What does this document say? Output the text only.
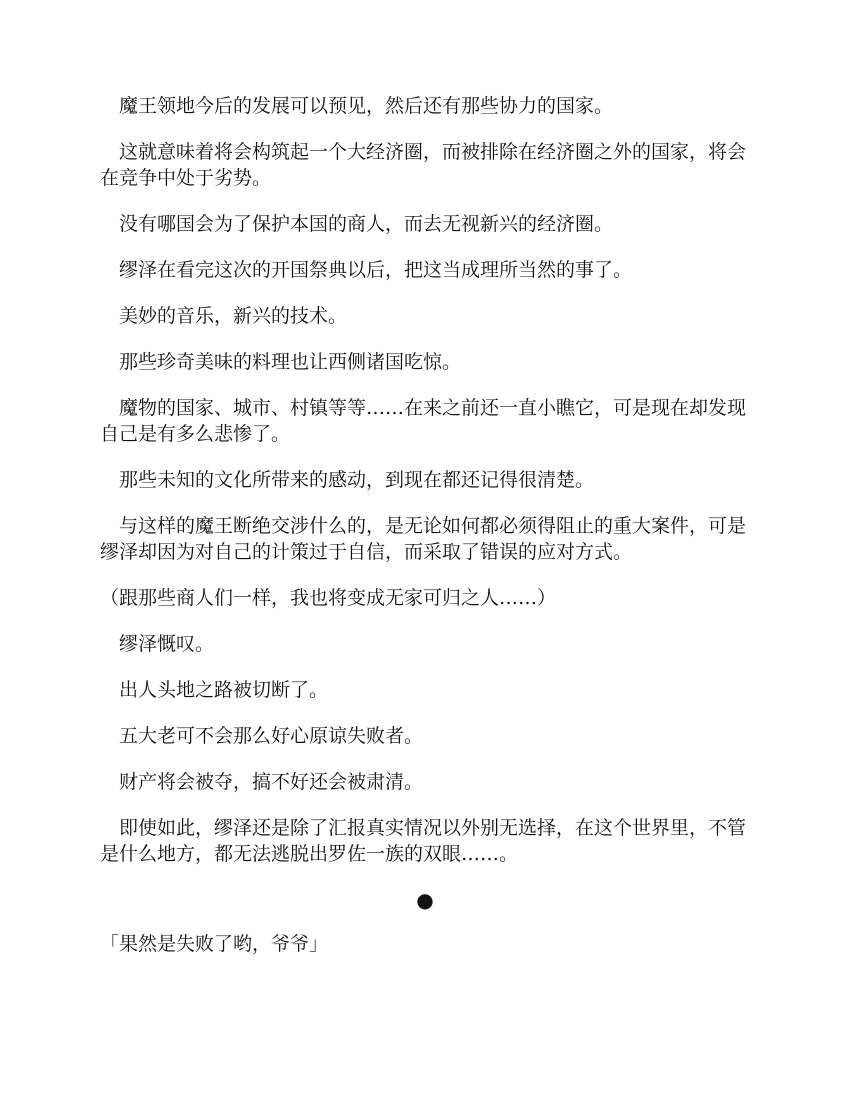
魔王领地今后的发展可以预见，然后还有那些协力的国家。

这就意味着将会构筑起一个大经济圈，而被排除在经济圈之外的国家，将会在竞争中处于劣势。

没有哪国会为了保护本国的商人，而去无视新兴的经济圈。

缪泽在看完这次的开国祭典以后，把这当成理所当然的事了。

美妙的音乐，新兴的技术。

那些珍奇美味的料理也让西侧诸国吃惊。

魔物的国家、城市、村镇等等……在来之前还一直小瞧它，可是现在却发现自己是有多么悲惨了。

那些未知的文化所带来的感动，到现在都还记得很清楚。

与这样的魔王断绝交涉什么的，是无论如何都必须得阻止的重大案件，可是缪泽却因为对自己的计策过于自信，而采取了错误的应对方式。

（跟那些商人们一样，我也将变成无家可归之人……）

缪泽慨叹。

出人头地之路被切断了。

五大老可不会那么好心原谅失败者。

财产将会被夺，搞不好还会被肃清。

即使如此，缪泽还是除了汇报真实情况以外别无选择，在这个世界里，不管是什么地方，都无法逃脱出罗佐一族的双眼……。

●

「果然是失败了哟，爷爷」
